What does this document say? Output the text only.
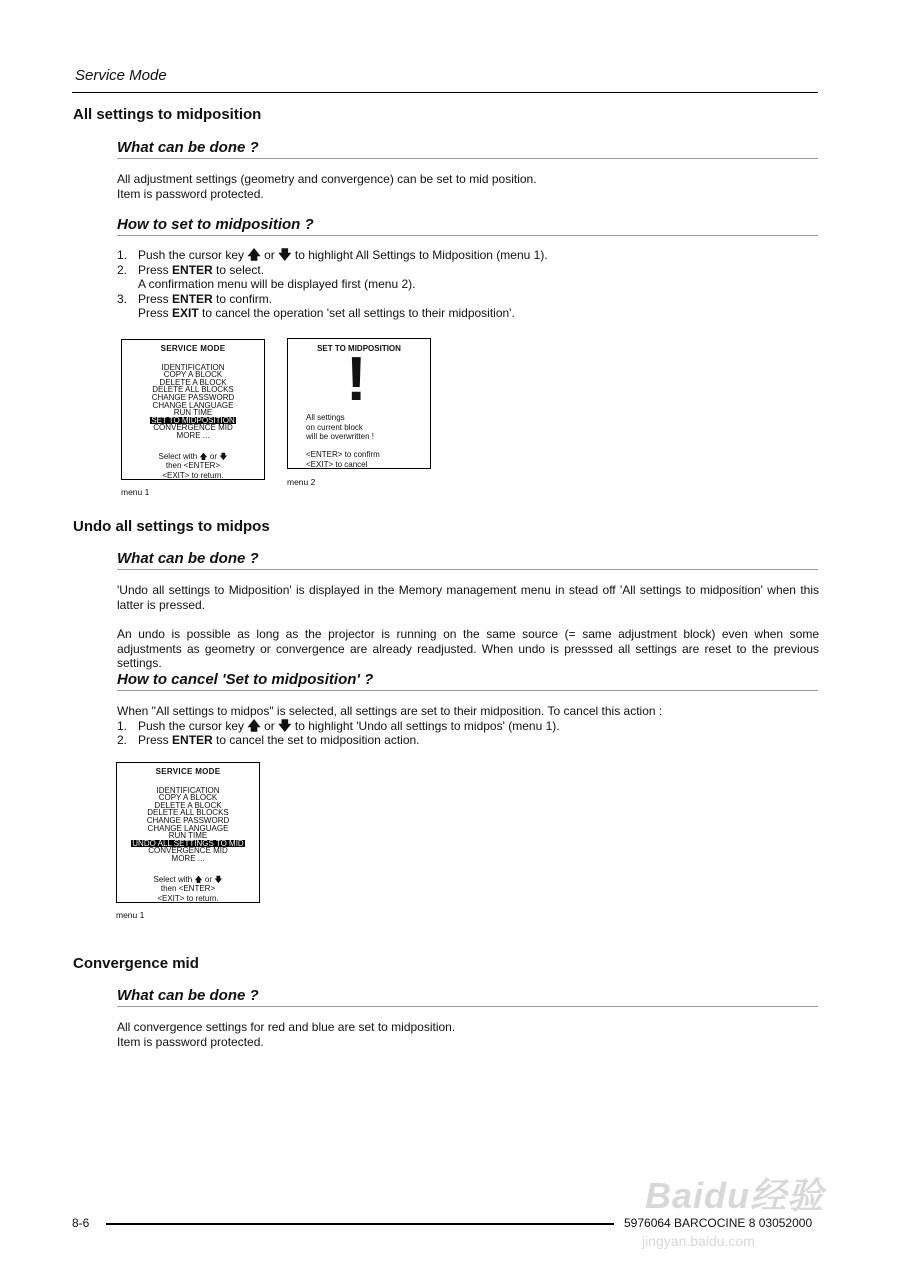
Service Mode
All settings to midposition
What can be done ?
All adjustment settings (geometry and convergence) can be set to mid position.
Item is password protected.
How to set to midposition ?
1. Push the cursor key 🡅 or 🡇 to highlight All Settings to Midposition (menu 1).
2. Press ENTER to select.
A confirmation menu will be displayed first (menu 2).
3. Press ENTER to confirm.
Press EXIT to cancel the operation 'set all settings to their midposition'.
SERVICE MODE
IDENTIFICATION
COPY A BLOCK
DELETE A BLOCK
DELETE ALL BLOCKS
CHANGE PASSWORD
CHANGE LANGUAGE
RUN TIME
SET TO MIDPOSITION
CONVERGENCE MID
MORE ...
Select with 🡅 or 🡇
then <ENTER>
<EXIT> to return.
menu 1
SET TO MIDPOSITION
!
All settings
on current block
will be overwritten !
<ENTER> to confirm
<EXIT> to cancel
menu 2
Undo all settings to midpos
What can be done ?
'Undo all settings to Midposition' is displayed in the Memory management menu in stead off 'All settings to midposition' when this latter is pressed.
An undo is possible as long as the projector is running on the same source (= same adjustment block) even when some adjustments as geometry or convergence are already readjusted. When undo is presssed all settings are reset to the previous settings.
How to cancel 'Set to midposition' ?
When "All settings to midpos" is selected, all settings are set to their midposition. To cancel this action :
1. Push the cursor key 🡅 or 🡇 to highlight 'Undo all settings to midpos' (menu 1).
2. Press ENTER to cancel the set to midposition action.
SERVICE MODE
IDENTIFICATION
COPY A BLOCK
DELETE A BLOCK
DELETE ALL BLOCKS
CHANGE PASSWORD
CHANGE LANGUAGE
RUN TIME
UNDO ALL SETTINGS TO MID
CONVERGENCE MID
MORE ...
Select with 🡅 or 🡇
then <ENTER>
<EXIT> to return.
menu 1
Convergence mid
What can be done ?
All convergence settings for red and blue are set to midposition.
Item is password protected.
Baidu经验
jingyan.baidu.com
8-6	5976064 BARCOCINE 8 03052000
